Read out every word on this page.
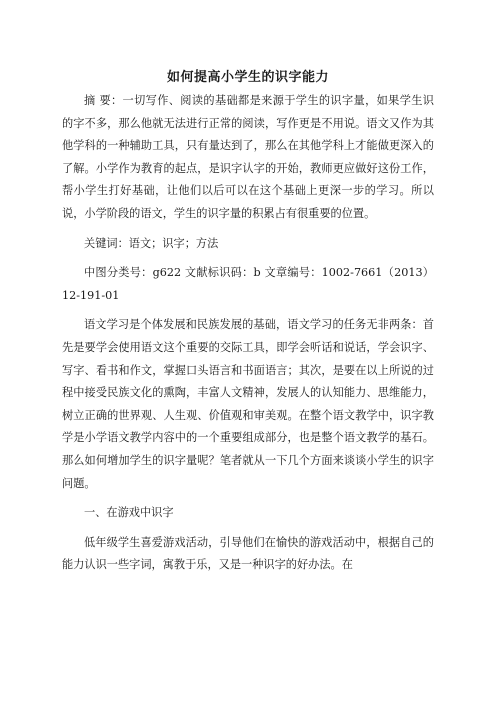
如何提高小学生的识字能力

摘 要：一切写作、阅读的基础都是来源于学生的识字量，如果学生识的字不多，那么他就无法进行正常的阅读，写作更是不用说。语文又作为其他学科的一种辅助工具，只有量达到了，那么在其他学科上才能做更深入的了解。小学作为教育的起点，是识字认字的开始，教师更应做好这份工作，帮小学生打好基础，让他们以后可以在这个基础上更深一步的学习。所以说，小学阶段的语文，学生的识字量的积累占有很重要的位置。

关键词：语文；识字；方法

中图分类号：g622 文献标识码：b 文章编号：1002-7661（2013）12-191-01

语文学习是个体发展和民族发展的基础，语文学习的任务无非两条：首先是要学会使用语文这个重要的交际工具，即学会听话和说话，学会识字、写字、看书和作文，掌握口头语言和书面语言；其次，是要在以上所说的过程中接受民族文化的熏陶，丰富人文精神，发展人的认知能力、思维能力，树立正确的世界观、人生观、价值观和审美观。在整个语文教学中，识字教学是小学语文教学内容中的一个重要组成部分，也是整个语文教学的基石。那么如何增加学生的识字量呢？笔者就从一下几个方面来谈谈小学生的识字问题。

一、在游戏中识字

低年级学生喜爱游戏活动，引导他们在愉快的游戏活动中，根据自己的能力认识一些字词，寓教于乐，又是一种识字的好办法。在
